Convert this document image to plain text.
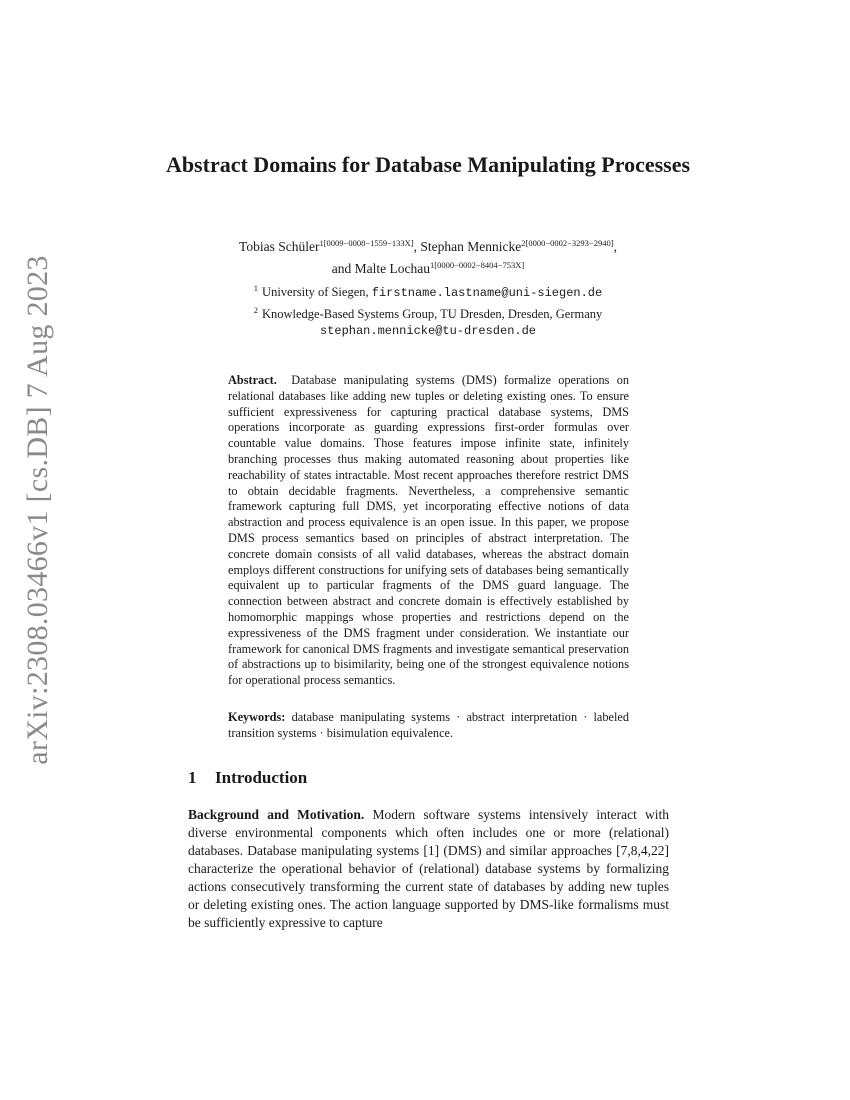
arXiv:2308.03466v1 [cs.DB] 7 Aug 2023
Abstract Domains for Database Manipulating Processes
Tobias Schüler$^{1[0009-0008-1559-133X]}$, Stephan Mennicke$^{2[0000-0002-3293-2940]}$,
and Malte Lochau$^{1[0000-0002-8404-753X]}$
$^1$ University of Siegen, firstname.lastname@uni-siegen.de
$^2$ Knowledge-Based Systems Group, TU Dresden, Dresden, Germany
stephan.mennicke@tu-dresden.de
Abstract. Database manipulating systems (DMS) formalize operations on relational databases like adding new tuples or deleting existing ones. To ensure sufficient expressiveness for capturing practical database systems, DMS operations incorporate as guarding expressions first-order formulas over countable value domains. Those features impose infinite state, infinitely branching processes thus making automated reasoning about properties like reachability of states intractable. Most recent approaches therefore restrict DMS to obtain decidable fragments. Nevertheless, a comprehensive semantic framework capturing full DMS, yet incorporating effective notions of data abstraction and process equivalence is an open issue. In this paper, we propose DMS process semantics based on principles of abstract interpretation. The concrete domain consists of all valid databases, whereas the abstract domain employs different constructions for unifying sets of databases being semantically equivalent up to particular fragments of the DMS guard language. The connection between abstract and concrete domain is effectively established by homomorphic mappings whose properties and restrictions depend on the expressiveness of the DMS fragment under consideration. We instantiate our framework for canonical DMS fragments and investigate semantical preservation of abstractions up to bisimilarity, being one of the strongest equivalence notions for operational process semantics.
Keywords: database manipulating systems · abstract interpretation · labeled transition systems · bisimulation equivalence.
1 Introduction
Background and Motivation. Modern software systems intensively interact with diverse environmental components which often includes one or more (relational) databases. Database manipulating systems [1] (DMS) and similar approaches [7,8,4,22] characterize the operational behavior of (relational) database systems by formalizing actions consecutively transforming the current state of databases by adding new tuples or deleting existing ones. The action language supported by DMS-like formalisms must be sufficiently expressive to capture
